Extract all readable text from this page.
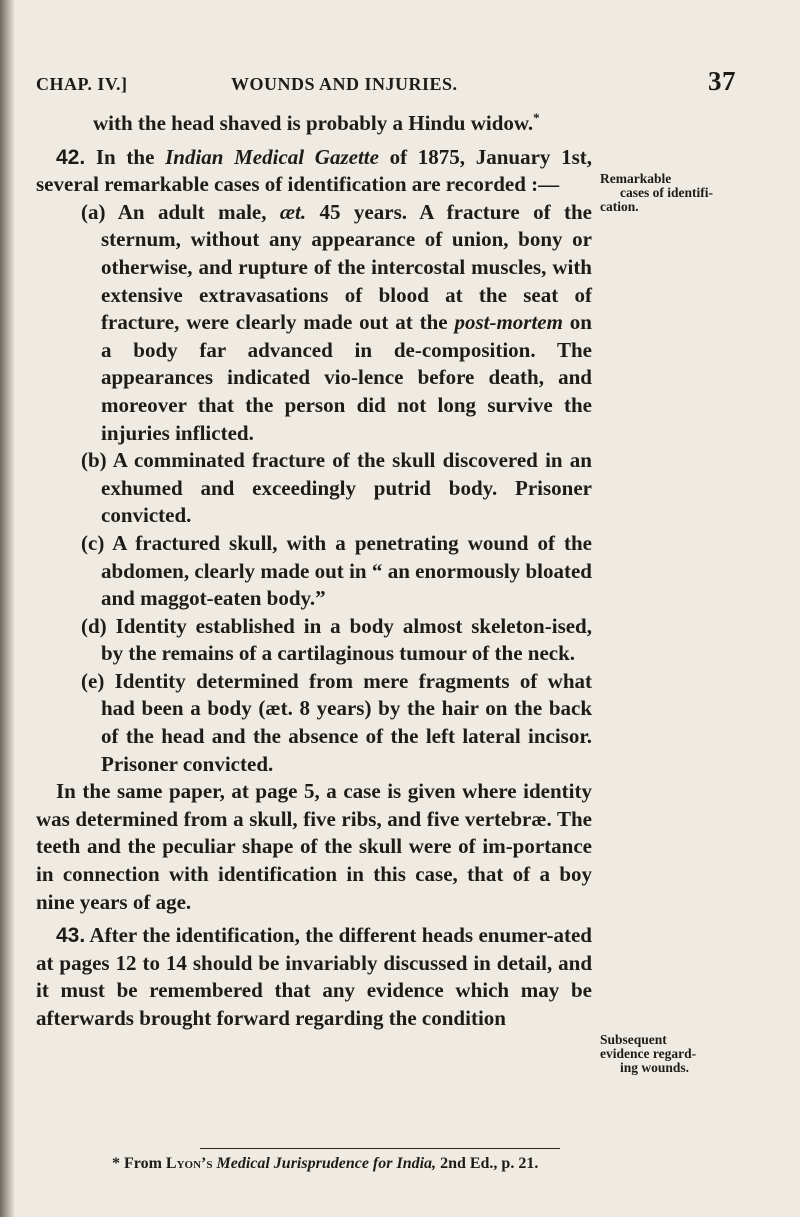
CHAP. IV.]	WOUNDS AND INJURIES.	37

with the head shaved is probably a Hindu widow.*

42. In the Indian Medical Gazette of 1875, January 1st, several remarkable cases of identification are recorded :—

(a) An adult male, æt. 45 years. A fracture of the sternum, without any appearance of union, bony or otherwise, and rupture of the intercostal muscles, with extensive extravasations of blood at the seat of fracture, were clearly made out at the post-mortem on a body far advanced in de-composition. The appearances indicated vio-lence before death, and moreover that the person did not long survive the injuries inflicted.

(b) A comminated fracture of the skull discovered in an exhumed and exceedingly putrid body. Prisoner convicted.

(c) A fractured skull, with a penetrating wound of the abdomen, clearly made out in “ an enormously bloated and maggot-eaten body.”

(d) Identity established in a body almost skeleton-ised, by the remains of a cartilaginous tumour of the neck.

(e) Identity determined from mere fragments of what had been a body (æt. 8 years) by the hair on the back of the head and the absence of the left lateral incisor. Prisoner convicted.

In the same paper, at page 5, a case is given where identity was determined from a skull, five ribs, and five vertebræ. The teeth and the peculiar shape of the skull were of im-portance in connection with identification in this case, that of a boy nine years of age.

43. After the identification, the different heads enumer-ated at pages 12 to 14 should be invariably discussed in detail, and it must be remembered that any evidence which may be afterwards brought forward regarding the condition

Remarkable
cases of identifi-
cation.
Subsequent
evidence regard-
ing wounds.
* From Lyon’s Medical Jurisprudence for India, 2nd Ed., p. 21.
